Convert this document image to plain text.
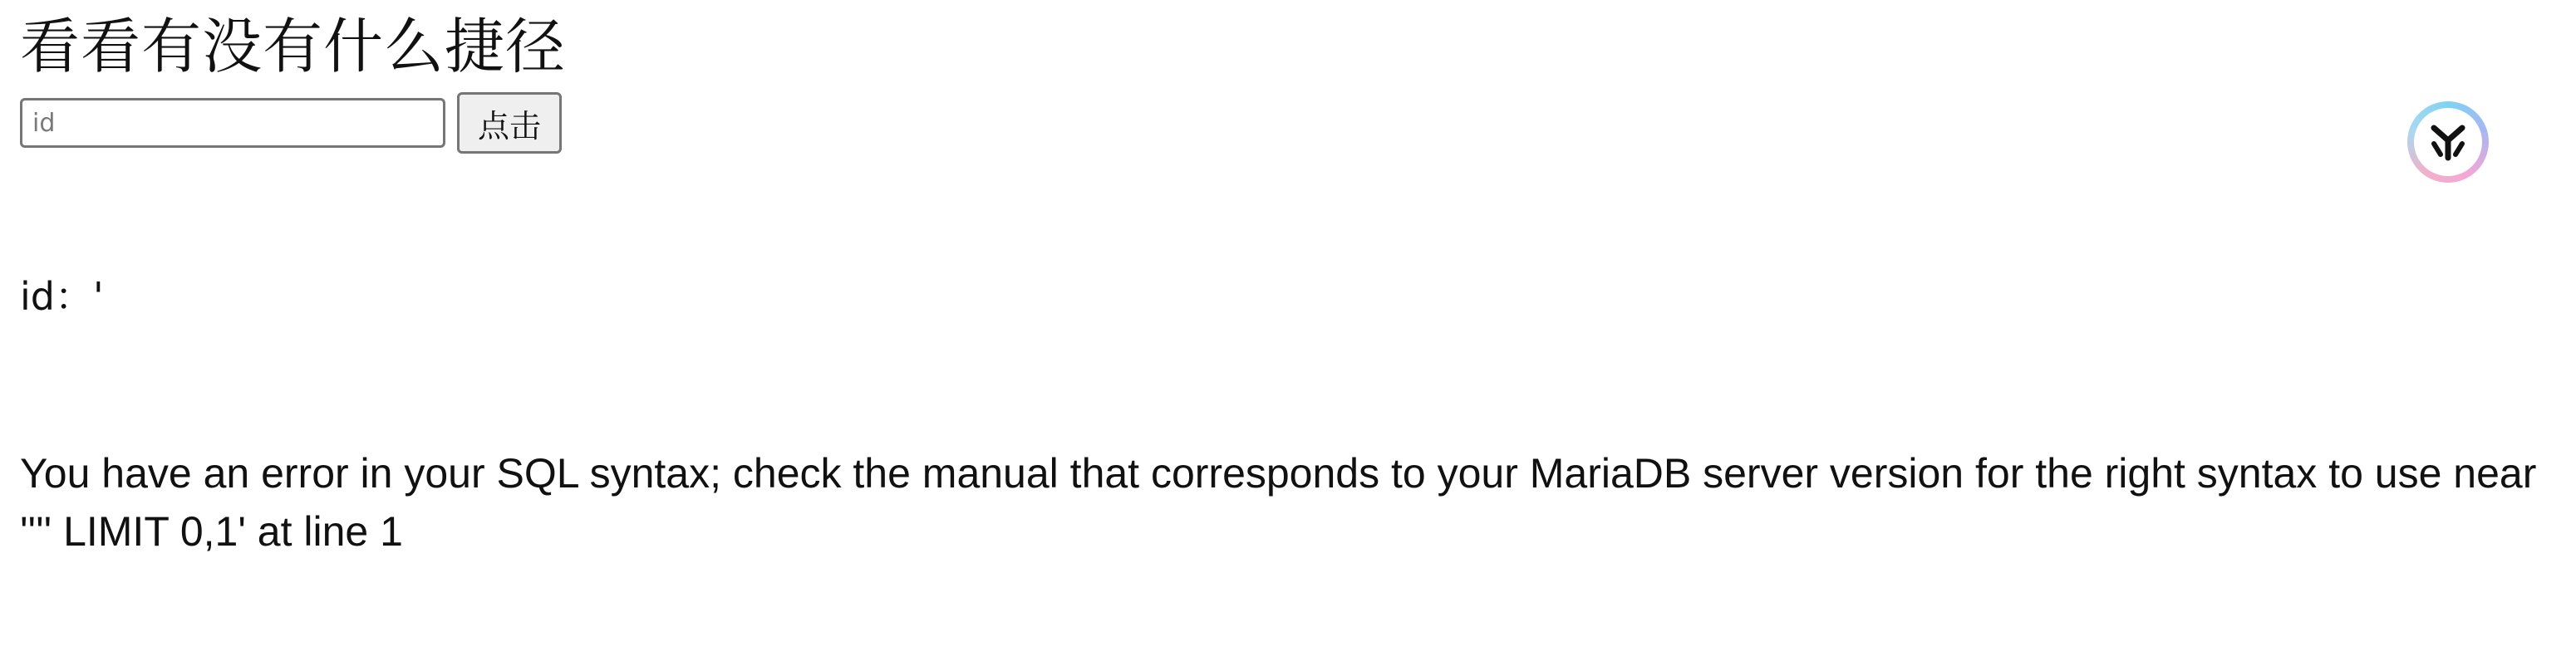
看看有没有什么捷径
id
点击
id：'

You have an error in your SQL syntax; check the manual that corresponds to your MariaDB server version for the right syntax to use near '''' LIMIT 0,1' at line 1
